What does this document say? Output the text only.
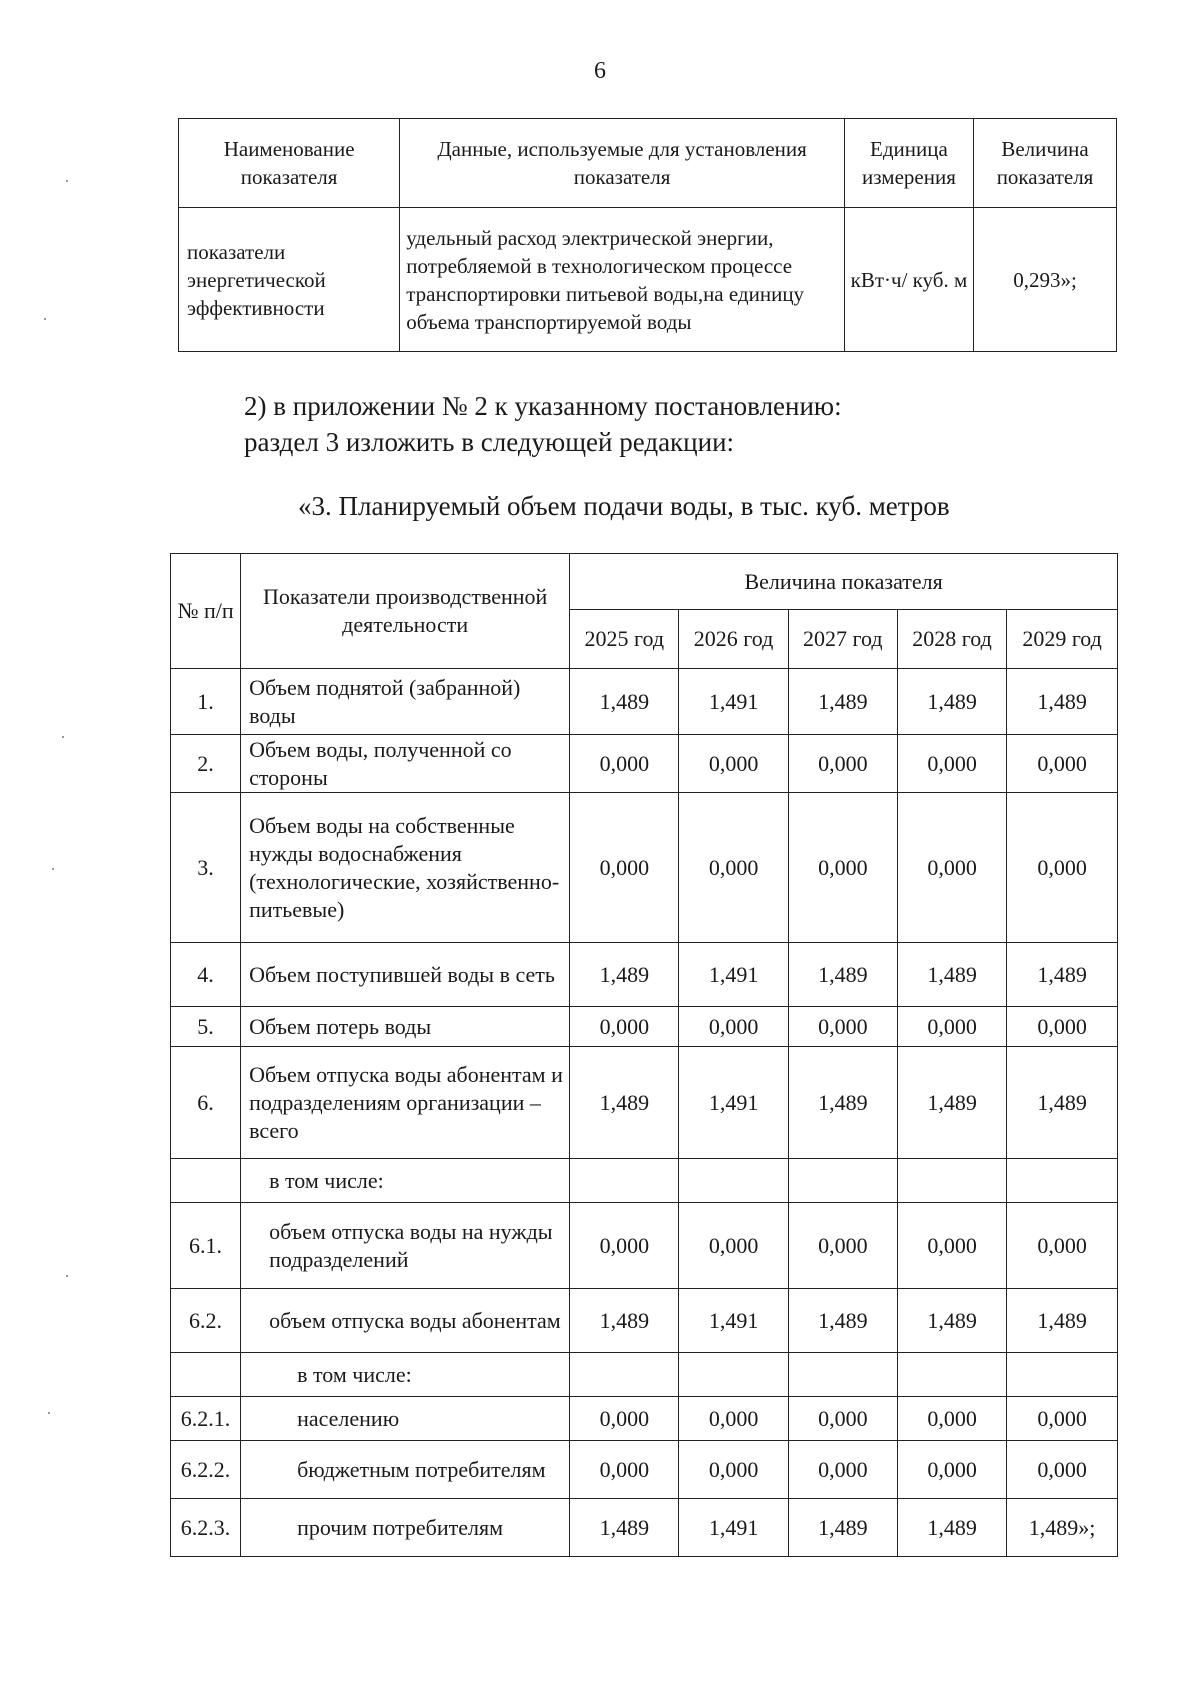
6
Наименование показателя	Данные, используемые для установления показателя	Единица измерения	Величина показателя
показатели энергетической эффективности	удельный расход электрической энергии, потребляемой в технологическом процессе транспортировки питьевой воды,на единицу объема транспортируемой воды	кВт·ч/ куб. м	0,293»;
2) в приложении № 2 к указанному постановлению:
раздел 3 изложить в следующей редакции:
«3. Планируемый объем подачи воды, в тыс. куб. метров
№ п/п	Показатели производственной деятельности	Величина показателя				
		2025 год	2026 год	2027 год	2028 год	2029 год
1.	Объем поднятой (забранной) воды	1,489	1,491	1,489	1,489	1,489
2.	Объем воды, полученной со стороны	0,000	0,000	0,000	0,000	0,000
3.	Объем воды на собственные нужды водоснабжения (технологические, хозяйственно-питьевые)	0,000	0,000	0,000	0,000	0,000
4.	Объем поступившей воды в сеть	1,489	1,491	1,489	1,489	1,489
5.	Объем потерь воды	0,000	0,000	0,000	0,000	0,000
6.	Объем отпуска воды абонентам и подразделениям организации – всего	1,489	1,491	1,489	1,489	1,489
	в том числе:					
6.1.	объем отпуска воды на нужды подразделений	0,000	0,000	0,000	0,000	0,000
6.2.	объем отпуска воды абонентам	1,489	1,491	1,489	1,489	1,489
	в том числе:					
6.2.1.	населению	0,000	0,000	0,000	0,000	0,000
6.2.2.	бюджетным потребителям	0,000	0,000	0,000	0,000	0,000
6.2.3.	прочим потребителям	1,489	1,491	1,489	1,489	1,489»;
